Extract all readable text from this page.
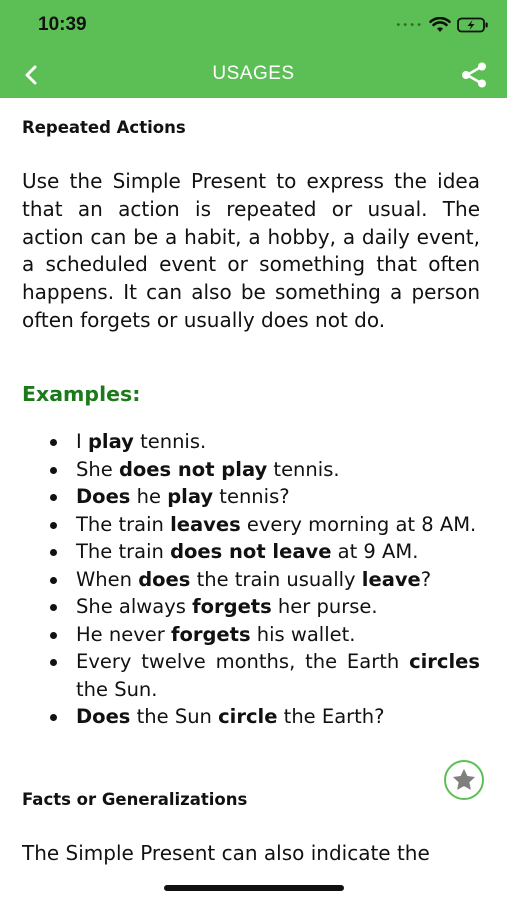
10:39	••••
USAGES
Repeated Actions

Use the Simple Present to express the idea that an action is repeated or usual. The action can be a habit, a hobby, a daily event, a scheduled event or something that often happens. It can also be something a person often forgets or usually does not do.

Examples:
I play tennis.
She does not play tennis.
Does he play tennis?
The train leaves every morning at 8 AM.
The train does not leave at 9 AM.
When does the train usually leave?
She always forgets her purse.
He never forgets his wallet.
Every twelve months, the Earth circles the Sun.
Does the Sun circle the Earth?
Facts or Generalizations

The Simple Present can also indicate the
